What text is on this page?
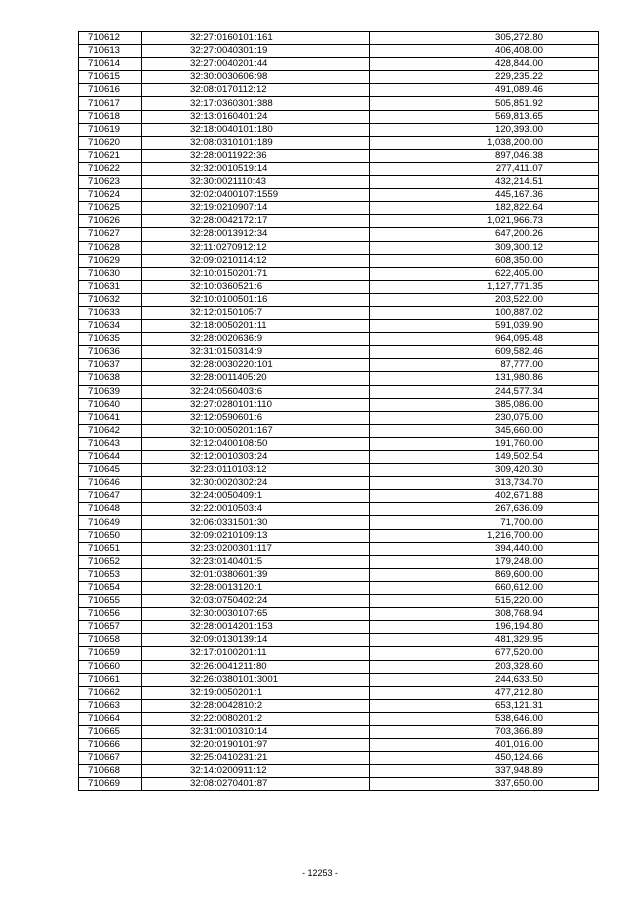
710612	32:27:0160101:161	305,272.80
710613	32:27:0040301:19	406,408.00
710614	32:27:0040201:44	428,844.00
710615	32:30:0030606:98	229,235.22
710616	32:08:0170112:12	491,089.46
710617	32:17:0360301:388	505,851.92
710618	32:13:0160401:24	569,813.65
710619	32:18:0040101:180	120,393.00
710620	32:08:0310101:189	1,038,200.00
710621	32:28:0011922:36	897,046.38
710622	32:32:0010519:14	277,411.07
710623	32:30:0021110:43	432,214.51
710624	32:02:0400107:1559	445,167.36
710625	32:19:0210907:14	182,822.64
710626	32:28:0042172:17	1,021,966.73
710627	32:28:0013912:34	647,200.26
710628	32:11:0270912:12	309,300.12
710629	32:09:0210114:12	608,350.00
710630	32:10:0150201:71	622,405.00
710631	32:10:0360521:6	1,127,771.35
710632	32:10:0100501:16	203,522.00
710633	32:12:0150105:7	100,887.02
710634	32:18:0050201:11	591,039.90
710635	32:28:0020636:9	964,095.48
710636	32:31:0150314:9	609,582.46
710637	32:28:0030220:101	87,777.00
710638	32:28:0011405:20	131,980.86
710639	32:24:0560403:6	244,577.34
710640	32:27:0280101:110	385,086.00
710641	32:12:0590601:6	230,075.00
710642	32:10:0050201:167	345,660.00
710643	32:12:0400108:50	191,760.00
710644	32:12:0010303:24	149,502.54
710645	32:23:0110103:12	309,420.30
710646	32:30:0020302:24	313,734.70
710647	32:24:0050409:1	402,671.88
710648	32:22:0010503:4	267,636.09
710649	32:06:0331501:30	71,700.00
710650	32:09:0210109:13	1,216,700.00
710651	32:23:0200301:117	394,440.00
710652	32:23:0140401:5	179,248.00
710653	32:01:0380601:39	869,600.00
710654	32:28:0013120:1	660,612.00
710655	32:03:0750402:24	515,220.00
710656	32:30:0030107:65	308,768.94
710657	32:28:0014201:153	196,194.80
710658	32:09:0130139:14	481,329.95
710659	32:17:0100201:11	677,520.00
710660	32:26:0041211:80	203,328.60
710661	32:26:0380101:3001	244,633.50
710662	32:19:0050201:1	477,212.80
710663	32:28:0042810:2	653,121.31
710664	32:22:0080201:2	538,646.00
710665	32:31:0010310:14	703,366.89
710666	32:20:0190101:97	401,016.00
710667	32:25:0410231:21	450,124.66
710668	32:14:0200911:12	337,948.89
710669	32:08:0270401:87	337,650.00
- 12253 -
